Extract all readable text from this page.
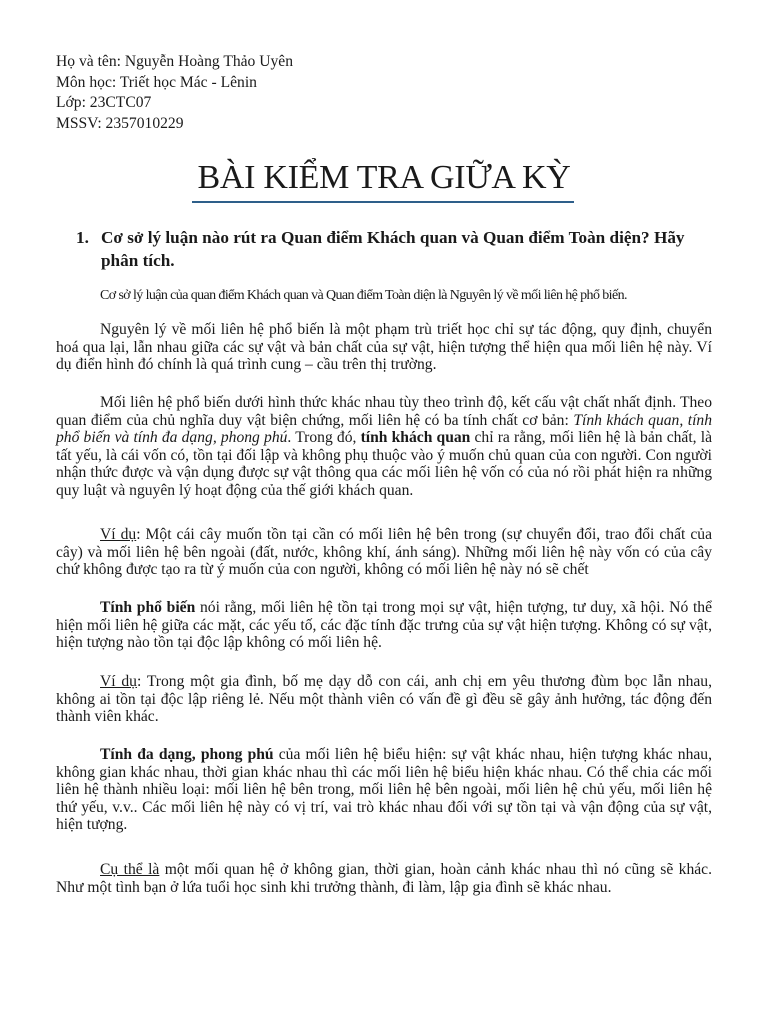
Họ và tên: Nguyễn Hoàng Thảo Uyên
Môn học: Triết học Mác - Lênin
Lớp: 23CTC07
MSSV: 2357010229
BÀI KIỂM TRA GIỮA KỲ
1. Cơ sở lý luận nào rút ra Quan điểm Khách quan và Quan điểm Toàn diện? Hãy phân tích.
Cơ sở lý luận của quan điểm Khách quan và Quan điểm Toàn diện là Nguyên lý về mối liên hệ phổ biến.
Nguyên lý về mối liên hệ phổ biến là một phạm trù triết học chỉ sự tác động, quy định, chuyển hoá qua lại, lẫn nhau giữa các sự vật và bản chất của sự vật, hiện tượng thể hiện qua mối liên hệ này. Ví dụ điển hình đó chính là quá trình cung – cầu trên thị trường.
Mối liên hệ phổ biến dưới hình thức khác nhau tùy theo trình độ, kết cấu vật chất nhất định. Theo quan điểm của chủ nghĩa duy vật biện chứng, mối liên hệ có ba tính chất cơ bản: Tính khách quan, tính phổ biến và tính đa dạng, phong phú. Trong đó, tính khách quan chỉ ra rằng, mối liên hệ là bản chất, là tất yếu, là cái vốn có, tồn tại đối lập và không phụ thuộc vào ý muốn chủ quan của con người. Con người nhận thức được và vận dụng được sự vật thông qua các mối liên hệ vốn có của nó rồi phát hiện ra những quy luật và nguyên lý hoạt động của thế giới khách quan.
Ví dụ: Một cái cây muốn tồn tại cần có mối liên hệ bên trong (sự chuyển đổi, trao đổi chất của cây) và mối liên hệ bên ngoài (đất, nước, không khí, ánh sáng). Những mối liên hệ này vốn có của cây chứ không được tạo ra từ ý muốn của con người, không có mối liên hệ này nó sẽ chết
Tính phổ biến nói rằng, mối liên hệ tồn tại trong mọi sự vật, hiện tượng, tư duy, xã hội. Nó thể hiện mối liên hệ giữa các mặt, các yếu tố, các đặc tính đặc trưng của sự vật hiện tượng. Không có sự vật, hiện tượng nào tồn tại độc lập không có mối liên hệ.
Ví dụ: Trong một gia đình, bố mẹ dạy dỗ con cái, anh chị em yêu thương đùm bọc lẫn nhau, không ai tồn tại độc lập riêng lẻ. Nếu một thành viên có vấn đề gì đều sẽ gây ảnh hưởng, tác động đến thành viên khác.
Tính đa dạng, phong phú của mối liên hệ biểu hiện: sự vật khác nhau, hiện tượng khác nhau, không gian khác nhau, thời gian khác nhau thì các mối liên hệ biểu hiện khác nhau. Có thể chia các mối liên hệ thành nhiều loại: mối liên hệ bên trong, mối liên hệ bên ngoài, mối liên hệ chủ yếu, mối liên hệ thứ yếu, v.v.. Các mối liên hệ này có vị trí, vai trò khác nhau đối với sự tồn tại và vận động của sự vật, hiện tượng.
Cụ thể là một mối quan hệ ở không gian, thời gian, hoàn cảnh khác nhau thì nó cũng sẽ khác. Như một tình bạn ở lứa tuổi học sinh khi trưởng thành, đi làm, lập gia đình sẽ khác nhau.
